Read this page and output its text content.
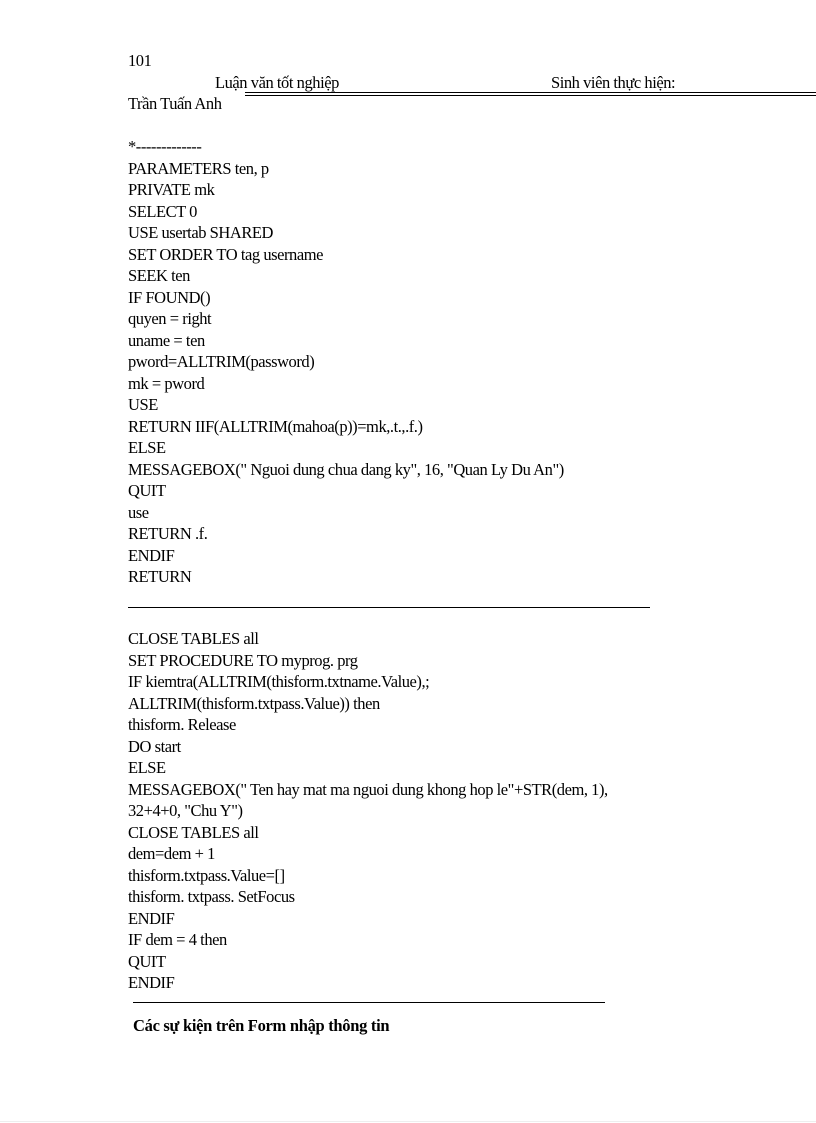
101
Luận văn tốt nghiệp	Sinh viên thực hiện:
Trần Tuấn Anh
*-------------
PARAMETERS ten, p
PRIVATE mk
SELECT 0
USE usertab SHARED
SET ORDER TO tag username
SEEK ten
IF FOUND()
quyen = right
uname = ten
pword=ALLTRIM(password)
mk = pword
USE
RETURN IIF(ALLTRIM(mahoa(p))=mk,.t.,.f.)
ELSE
MESSAGEBOX(" Nguoi dung chua dang ky", 16, "Quan Ly Du An")
QUIT
use
RETURN .f.
ENDIF
RETURN
CLOSE TABLES all
SET PROCEDURE TO myprog. prg
IF kiemtra(ALLTRIM(thisform.txtname.Value),;
ALLTRIM(thisform.txtpass.Value)) then
thisform. Release
DO start
ELSE
MESSAGEBOX(" Ten hay mat ma nguoi dung khong hop le"+STR(dem, 1),
32+4+0, "Chu Y")
CLOSE TABLES all
dem=dem + 1
thisform.txtpass.Value=[]
thisform. txtpass. SetFocus
ENDIF
IF dem = 4 then
QUIT
ENDIF
Các sự kiện trên Form nhập thông tin
